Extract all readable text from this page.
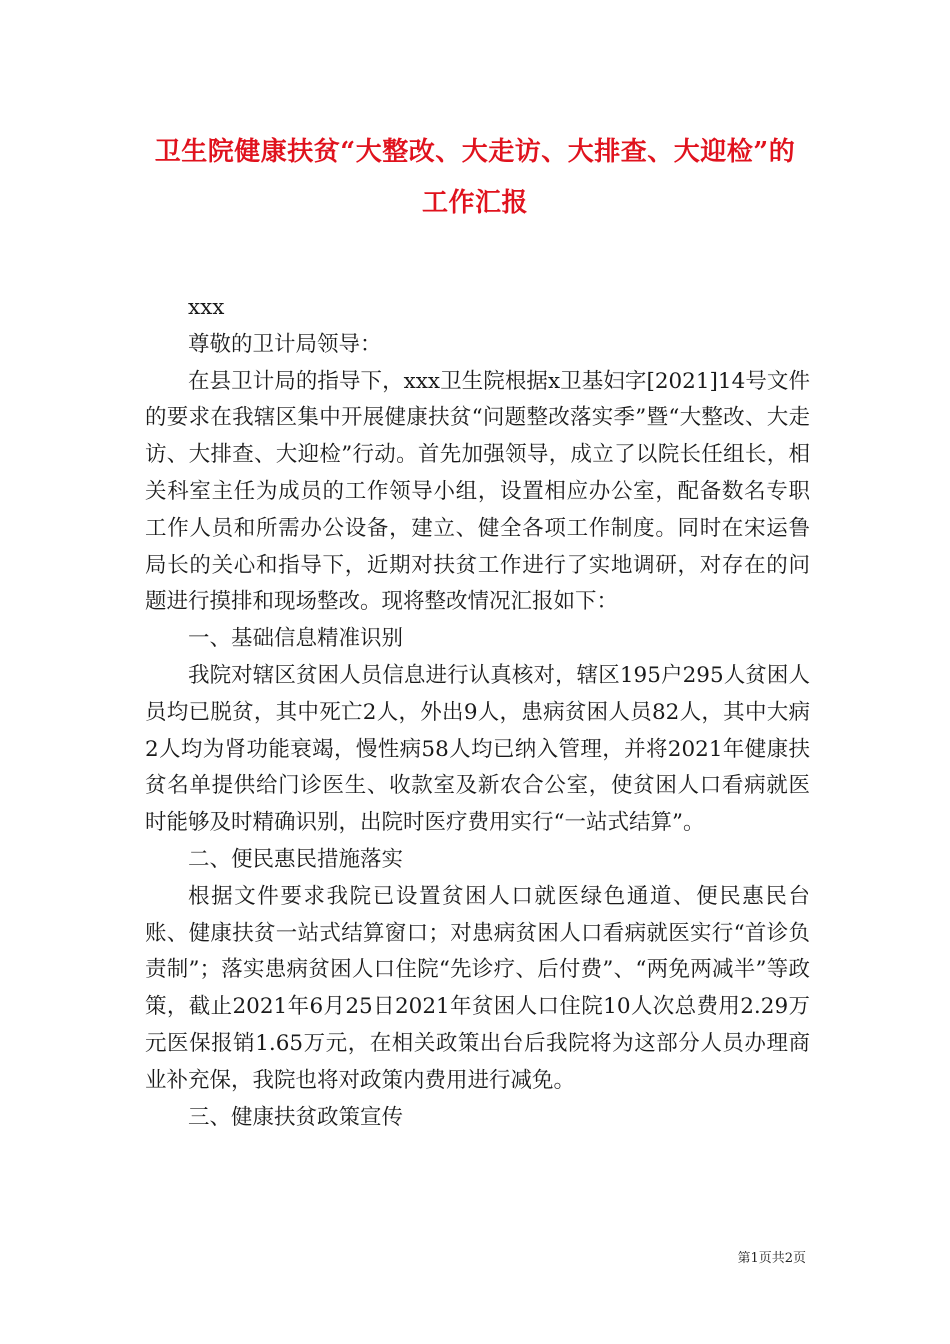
卫生院健康扶贫“大整改、大走访、大排查、大迎检”的
工作汇报

xxx

尊敬的卫计局领导：

在县卫计局的指导下，xxx卫生院根据x卫基妇字[2021]14号文件的要求在我辖区集中开展健康扶贫“问题整改落实季”暨“大整改、大走访、大排查、大迎检”行动。首先加强领导，成立了以院长任组长，相关科室主任为成员的工作领导小组，设置相应办公室，配备数名专职工作人员和所需办公设备，建立、健全各项工作制度。同时在宋运鲁局长的关心和指导下，近期对扶贫工作进行了实地调研，对存在的问题进行摸排和现场整改。现将整改情况汇报如下：

一、基础信息精准识别

我院对辖区贫困人员信息进行认真核对，辖区195户295人贫困人员均已脱贫，其中死亡2人，外出9人，患病贫困人员82人，其中大病2人均为肾功能衰竭，慢性病58人均已纳入管理，并将2021年健康扶贫名单提供给门诊医生、收款室及新农合公室，使贫困人口看病就医时能够及时精确识别，出院时医疗费用实行“一站式结算”。

二、便民惠民措施落实

根据文件要求我院已设置贫困人口就医绿色通道、便民惠民台账、健康扶贫一站式结算窗口；对患病贫困人口看病就医实行“首诊负责制”；落实患病贫困人口住院“先诊疗、后付费”、“两免两减半”等政策，截止2021年6月25日2021年贫困人口住院10人次总费用2.29万元医保报销1.65万元，在相关政策出台后我院将为这部分人员办理商业补充保，我院也将对政策内费用进行减免。

三、健康扶贫政策宣传

第1页共2页
